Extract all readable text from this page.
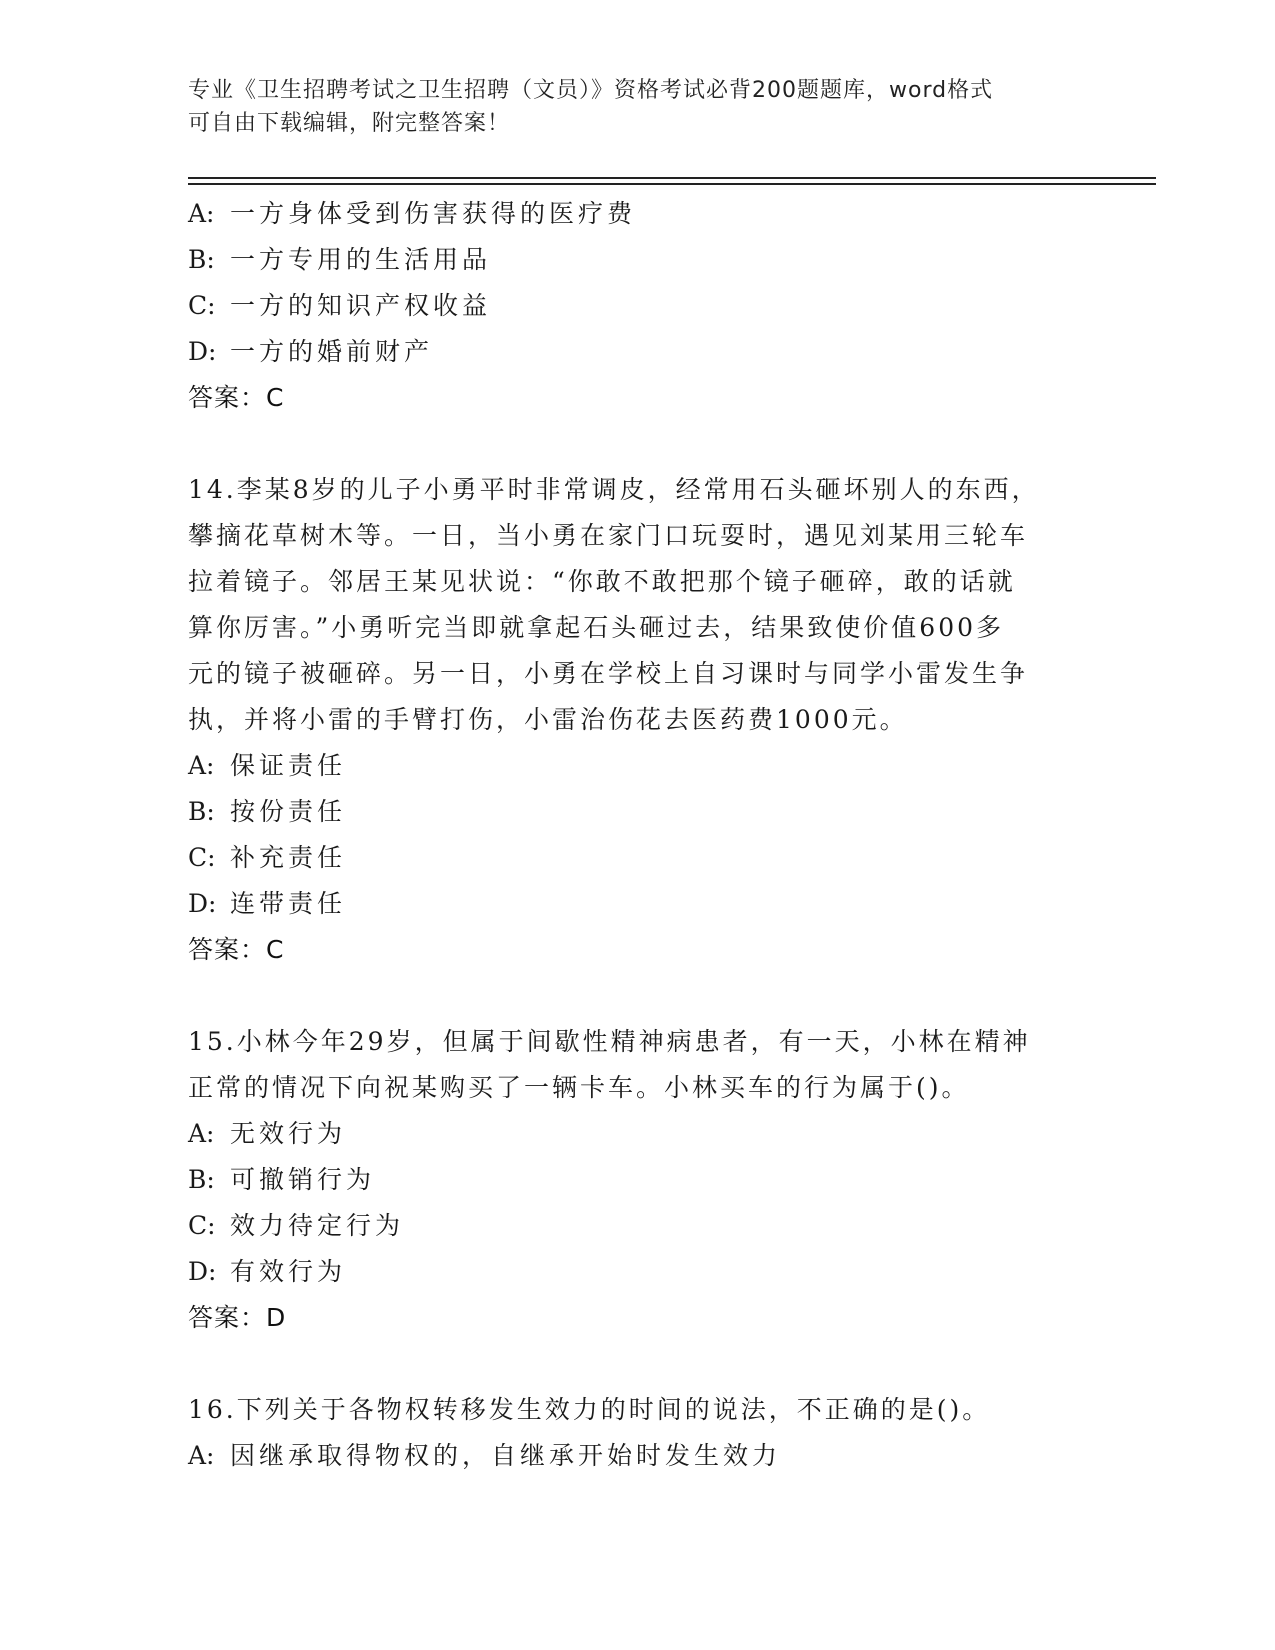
专业《卫生招聘考试之卫生招聘（文员）》资格考试必背200题题库，word格式
可自由下载编辑，附完整答案！
A: 一方身体受到伤害获得的医疗费
B: 一方专用的生活用品
C: 一方的知识产权收益
D: 一方的婚前财产
答案：C
14.李某8岁的儿子小勇平时非常调皮，经常用石头砸坏别人的东西，
攀摘花草树木等。一日，当小勇在家门口玩耍时，遇见刘某用三轮车
拉着镜子。邻居王某见状说：“你敢不敢把那个镜子砸碎，敢的话就
算你厉害。”小勇听完当即就拿起石头砸过去，结果致使价值600多
元的镜子被砸碎。另一日，小勇在学校上自习课时与同学小雷发生争
执，并将小雷的手臂打伤，小雷治伤花去医药费1000元。
A: 保证责任
B: 按份责任
C: 补充责任
D: 连带责任
答案：C
15.小林今年29岁，但属于间歇性精神病患者，有一天，小林在精神
正常的情况下向祝某购买了一辆卡车。小林买车的行为属于()。
A: 无效行为
B: 可撤销行为
C: 效力待定行为
D: 有效行为
答案：D
16.下列关于各物权转移发生效力的时间的说法，不正确的是()。
A: 因继承取得物权的，自继承开始时发生效力
